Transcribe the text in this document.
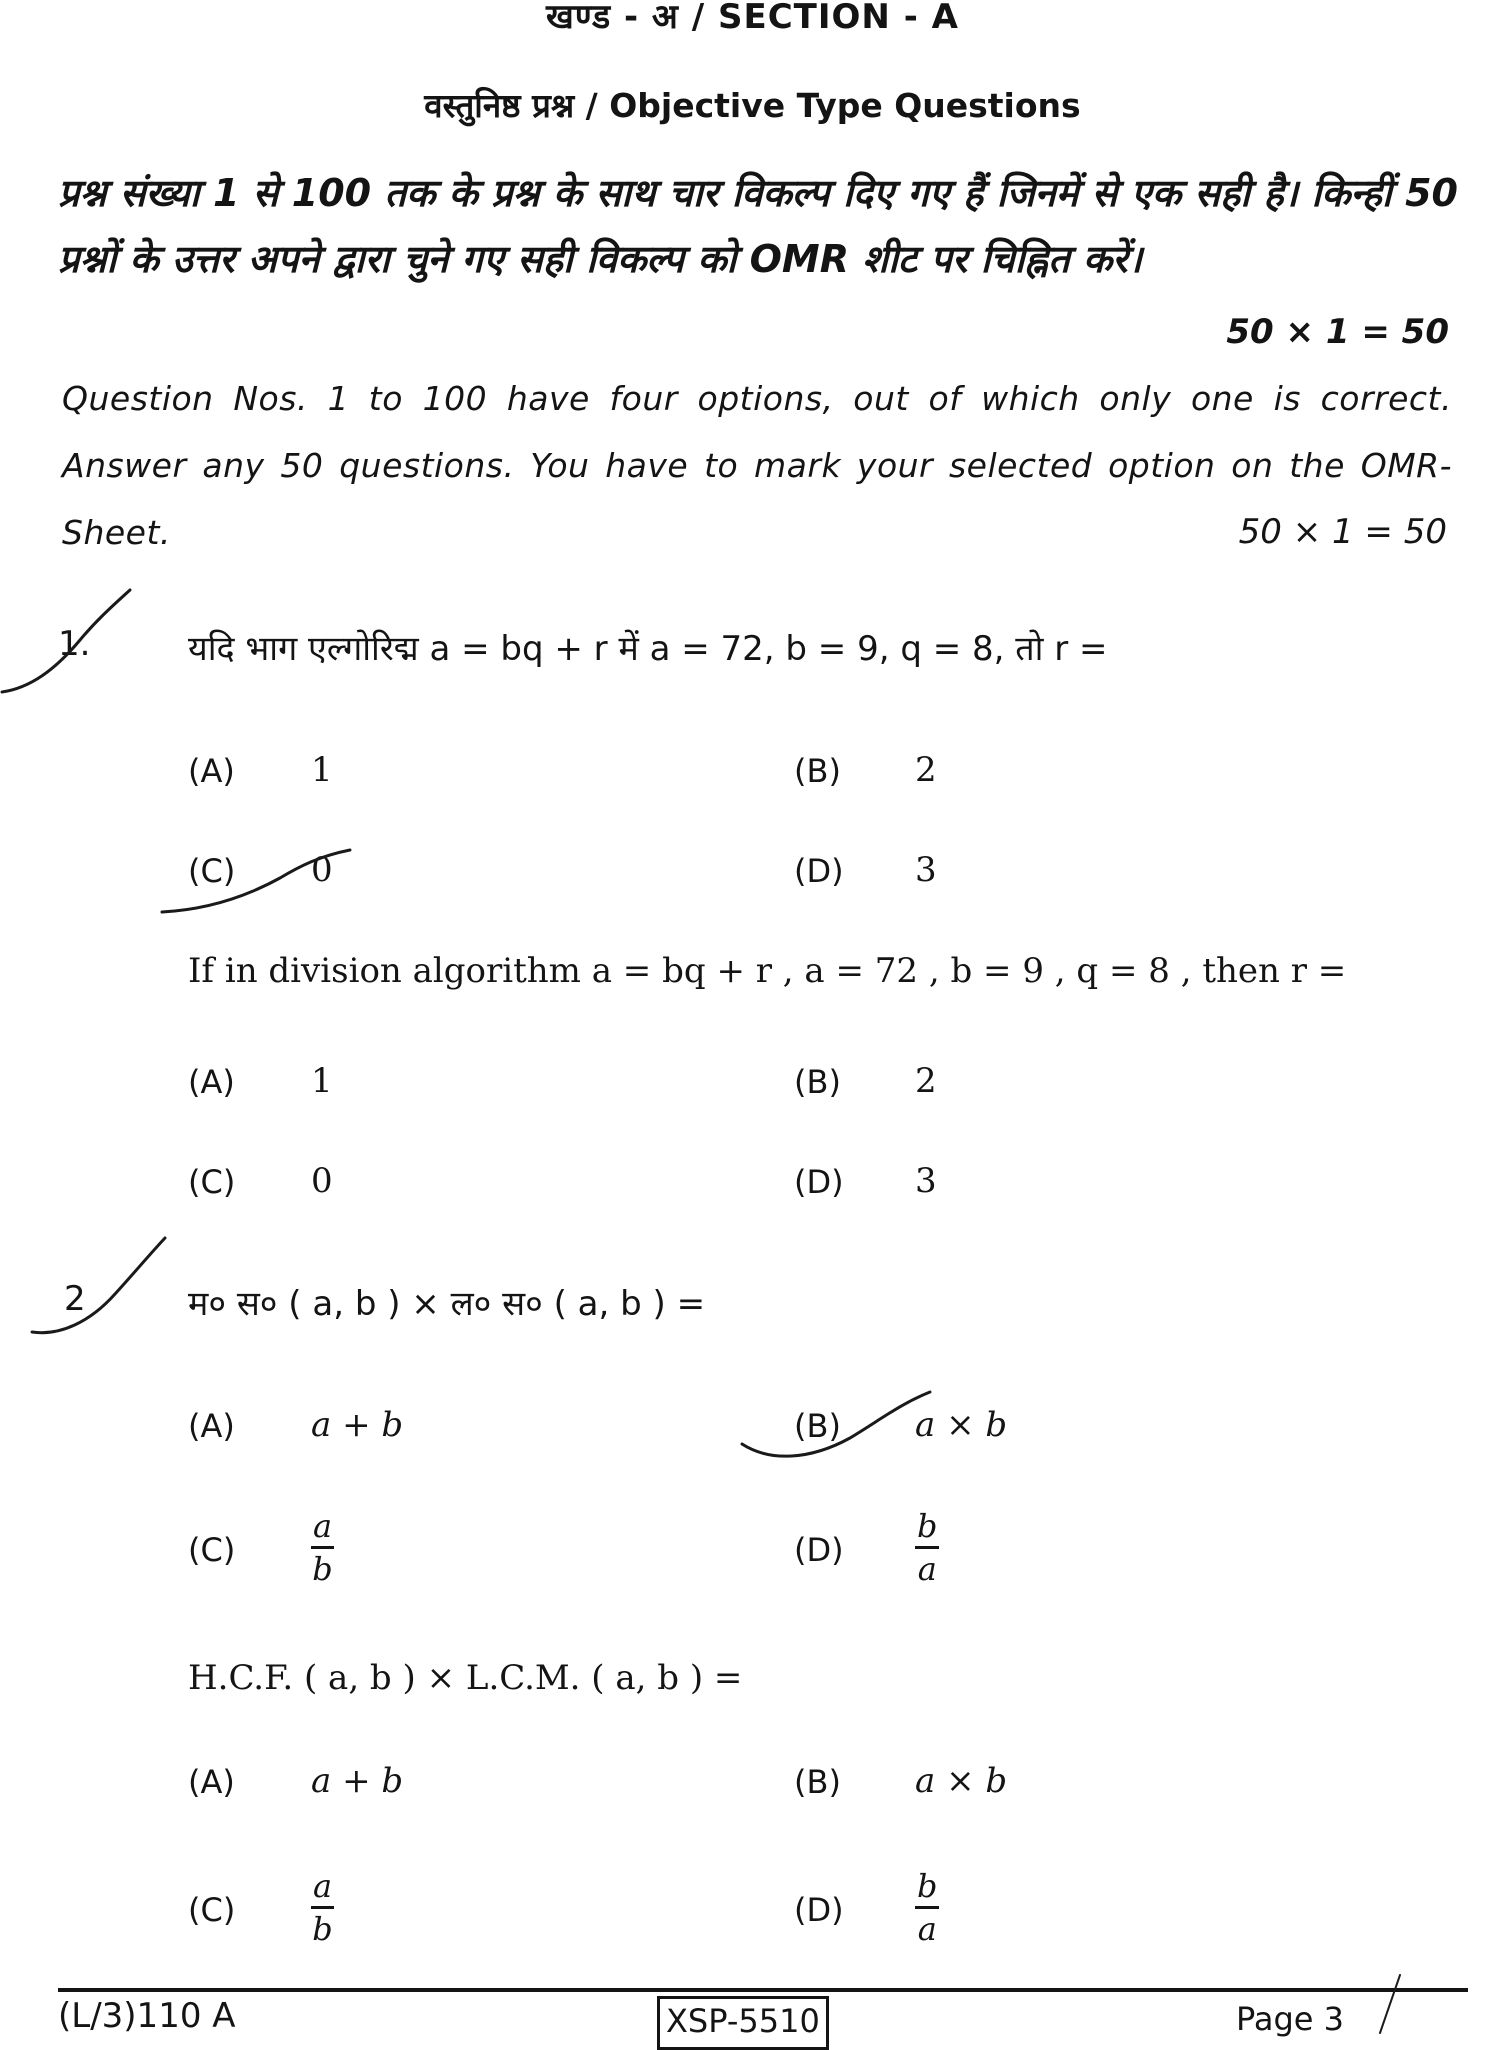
खण्ड - अ / SECTION - A
वस्तुनिष्ठ प्रश्न / Objective Type Questions
प्रश्न संख्या 1 से 100 तक के प्रश्न के साथ चार विकल्प दिए गए हैं जिनमें से एक सही है। किन्हीं 50 प्रश्नों के उत्तर अपने द्वारा चुने गए सही विकल्प को OMR शीट पर चिह्नित करें।
50 × 1 = 50
Question Nos. 1 to 100 have four options, out of which only one is correct. Answer any 50 questions. You have to mark your selected option on the OMR-Sheet.	50 × 1 = 50
1.	यदि भाग एल्गोरिद्म a = bq + r में a = 72, b = 9, q = 8, तो r =
(A) 1	(B) 2
(C) 0	(D) 3
If in division algorithm a = bq + r , a = 72 , b = 9 , q = 8 , then r =
(A) 1	(B) 2
(C) 0	(D) 3
2	म० स० ( a, b ) × ल० स० ( a, b ) =
(A) a + b	(B) a × b
$(C) \frac{a}{b}$	$(D) \frac{b}{a}$
H.C.F. ( a, b ) × L.C.M. ( a, b ) =
(A) a + b	(B) a × b
$(C) \frac{a}{b}$	$(D) \frac{b}{a}$
(L/3)110 A	XSP-5510	Page 3
